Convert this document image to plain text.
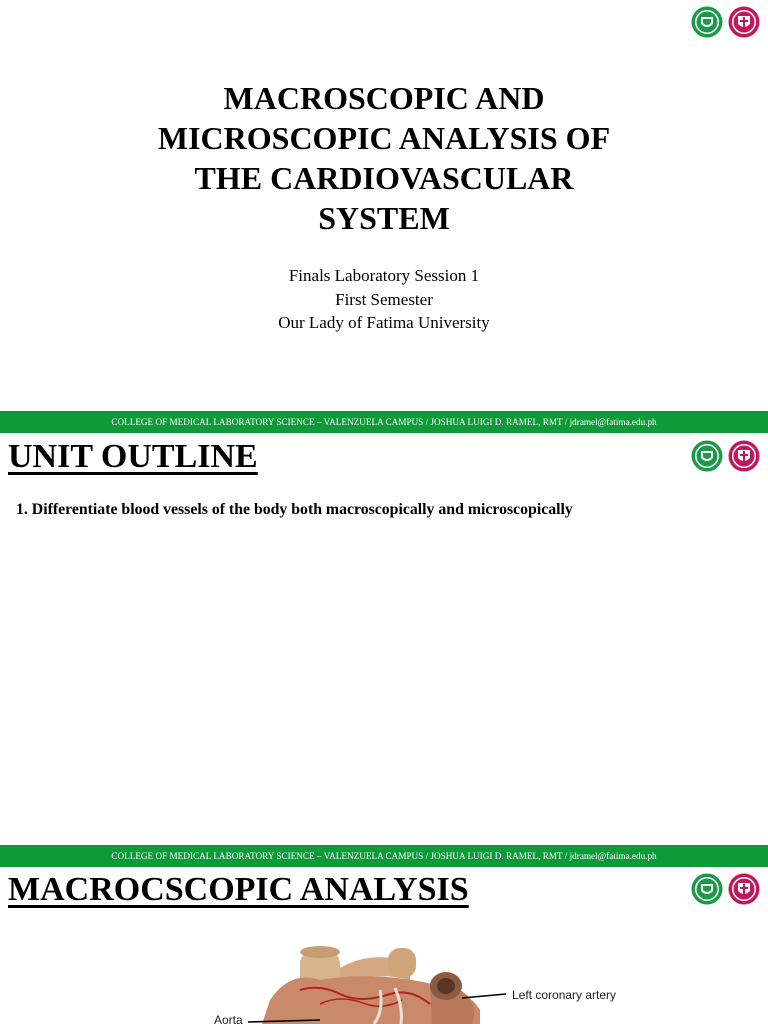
MACROSCOPIC AND
MICROSCOPIC ANALYSIS OF
THE CARDIOVASCULAR
SYSTEM
Finals Laboratory Session 1
First Semester
Our Lady of Fatima University
COLLEGE OF MEDICAL LABORATORY SCIENCE – VALENZUELA CAMPUS / JOSHUA LUIGI D. RAMEL, RMT / jdramel@fatima.edu.ph
UNIT OUTLINE
1. Differentiate blood vessels of the body both macroscopically and microscopically
COLLEGE OF MEDICAL LABORATORY SCIENCE – VALENZUELA CAMPUS / JOSHUA LUIGI D. RAMEL, RMT / jdramel@fatima.edu.ph
MACROCSCOPIC ANALYSIS
Left coronary artery
Aorta
